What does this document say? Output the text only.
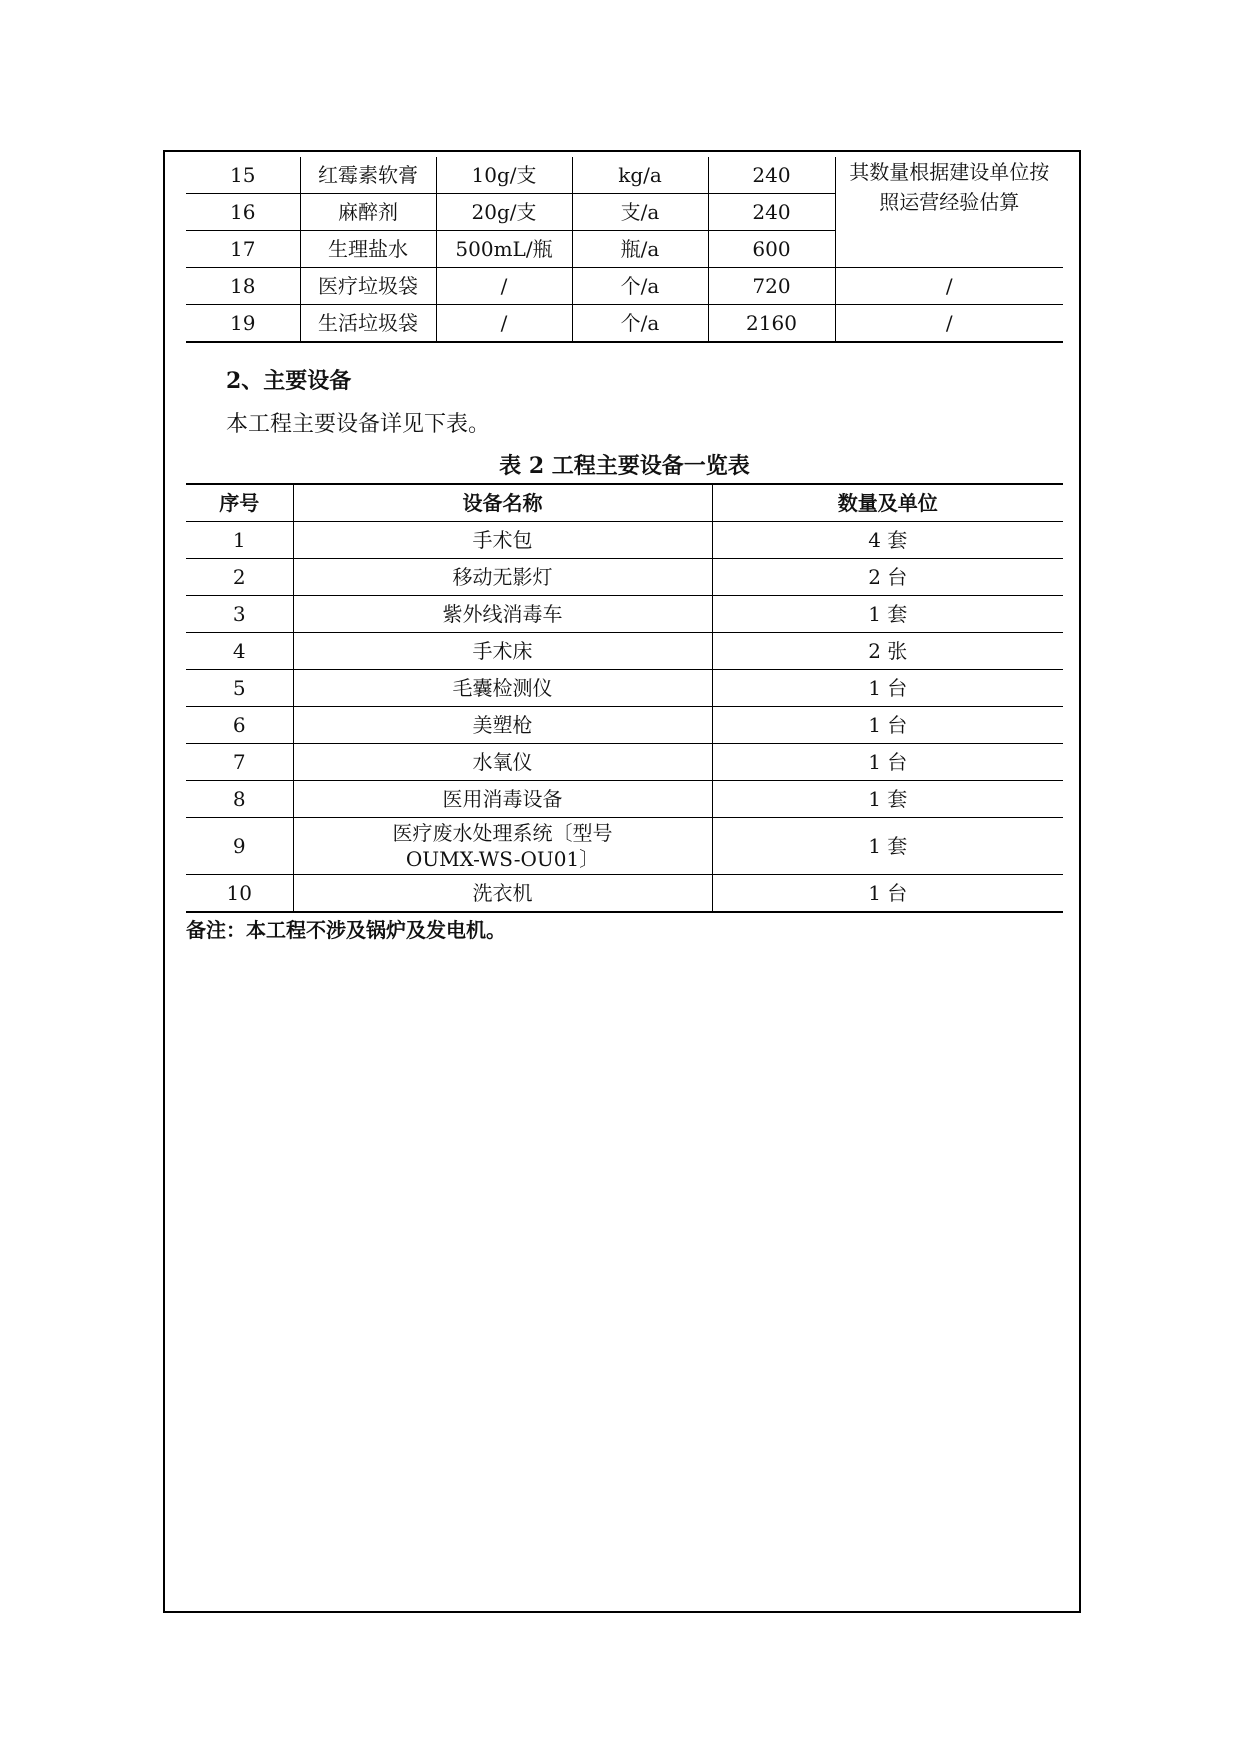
15	红霉素软膏	10g/支	kg/a	240	其数量根据建设单位按照运营经验估算
16	麻醉剂	20g/支	支/a	240	
17	生理盐水	500mL/瓶	瓶/a	600	
18	医疗垃圾袋	/	个/a	720	/
19	生活垃圾袋	/	个/a	2160	/
2、主要设备
本工程主要设备详见下表。
表 2 工程主要设备一览表
序号	设备名称	数量及单位
1	手术包	4 套
2	移动无影灯	2 台
3	紫外线消毒车	1 套
4	手术床	2 张
5	毛囊检测仪	1 台
6	美塑枪	1 台
7	水氧仪	1 台
8	医用消毒设备	1 套
9	医疗废水处理系统〔型号
OUMX-WS-OU01〕	1 套
10	洗衣机	1 台
备注：本工程不涉及锅炉及发电机。
